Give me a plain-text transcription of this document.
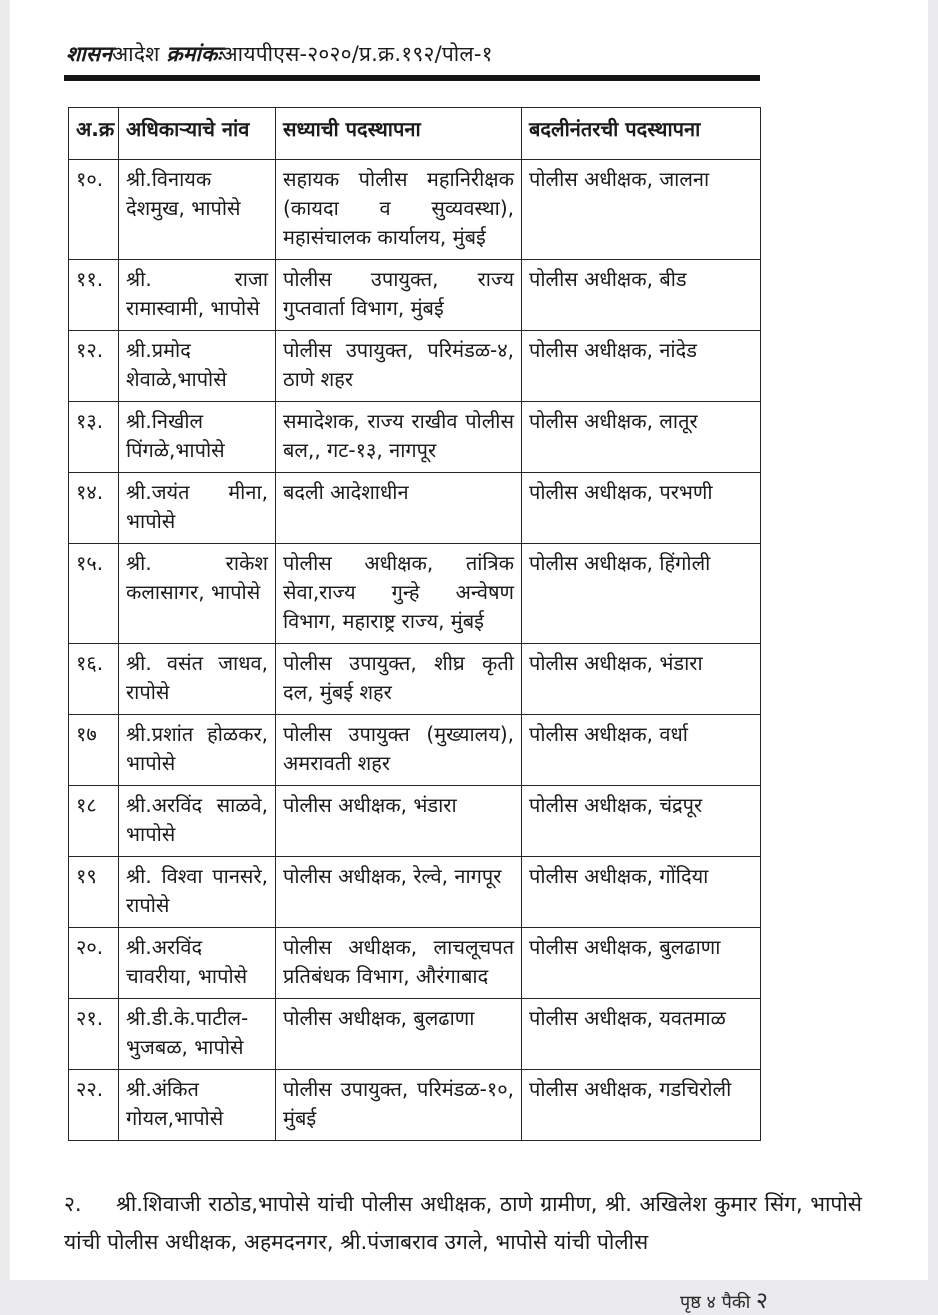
शासनआदेश क्रमांकःआयपीएस-२०२०/प्र.क्र.१९२/पोल-१
अ.क्र	अधिकाऱ्याचे नांव	सध्याची पदस्थापना	बदलीनंतरची पदस्थापना
१०.	श्री.विनायक देशमुख, भापोसे	सहायक पोलीस महानिरीक्षक (कायदा व सुव्यवस्था), महासंचालक कार्यालय, मुंबई	पोलीस अधीक्षक, जालना
११.	श्री. राजा रामास्वामी, भापोसे	पोलीस उपायुक्त, राज्य गुप्तवार्ता विभाग, मुंबई	पोलीस अधीक्षक, बीड
१२.	श्री.प्रमोद शेवाळे,भापोसे	पोलीस उपायुक्त, परिमंडळ-४, ठाणे शहर	पोलीस अधीक्षक, नांदेड
१३.	श्री.निखील पिंगळे,भापोसे	समादेशक, राज्य राखीव पोलीस बल,, गट-१३, नागपूर	पोलीस अधीक्षक, लातूर
१४.	श्री.जयंत मीना, भापोसे	बदली आदेशाधीन	पोलीस अधीक्षक, परभणी
१५.	श्री. राकेश कलासागर, भापोसे	पोलीस अधीक्षक, तांत्रिक सेवा,राज्य गुन्हे अन्वेषण विभाग, महाराष्ट्र राज्य, मुंबई	पोलीस अधीक्षक, हिंगोली
१६.	श्री. वसंत जाधव, रापोसे	पोलीस उपायुक्त, शीघ्र कृती दल, मुंबई शहर	पोलीस अधीक्षक, भंडारा
१७	श्री.प्रशांत होळकर, भापोसे	पोलीस उपायुक्त (मुख्यालय), अमरावती शहर	पोलीस अधीक्षक, वर्धा
१८	श्री.अरविंद साळवे, भापोसे	पोलीस अधीक्षक, भंडारा	पोलीस अधीक्षक, चंद्रपूर
१९	श्री. विश्वा पानसरे, रापोसे	पोलीस अधीक्षक, रेल्वे, नागपूर	पोलीस अधीक्षक, गोंदिया
२०.	श्री.अरविंद चावरीया, भापोसे	पोलीस अधीक्षक, लाचलूचपत प्रतिबंधक विभाग, औरंगाबाद	पोलीस अधीक्षक, बुलढाणा
२१.	श्री.डी.के.पाटील-भुजबळ, भापोसे	पोलीस अधीक्षक, बुलढाणा	पोलीस अधीक्षक, यवतमाळ
२२.	श्री.अंकित गोयल,भापोसे	पोलीस उपायुक्त, परिमंडळ-१०, मुंबई	पोलीस अधीक्षक, गडचिरोली

२. श्री.शिवाजी राठोड,भापोसे यांची पोलीस अधीक्षक, ठाणे ग्रामीण, श्री. अखिलेश कुमार सिंग, भापोसे यांची पोलीस अधीक्षक, अहमदनगर, श्री.पंजाबराव उगले, भापोसे यांची पोलीस

पृष्ठ ४ पैकी २
